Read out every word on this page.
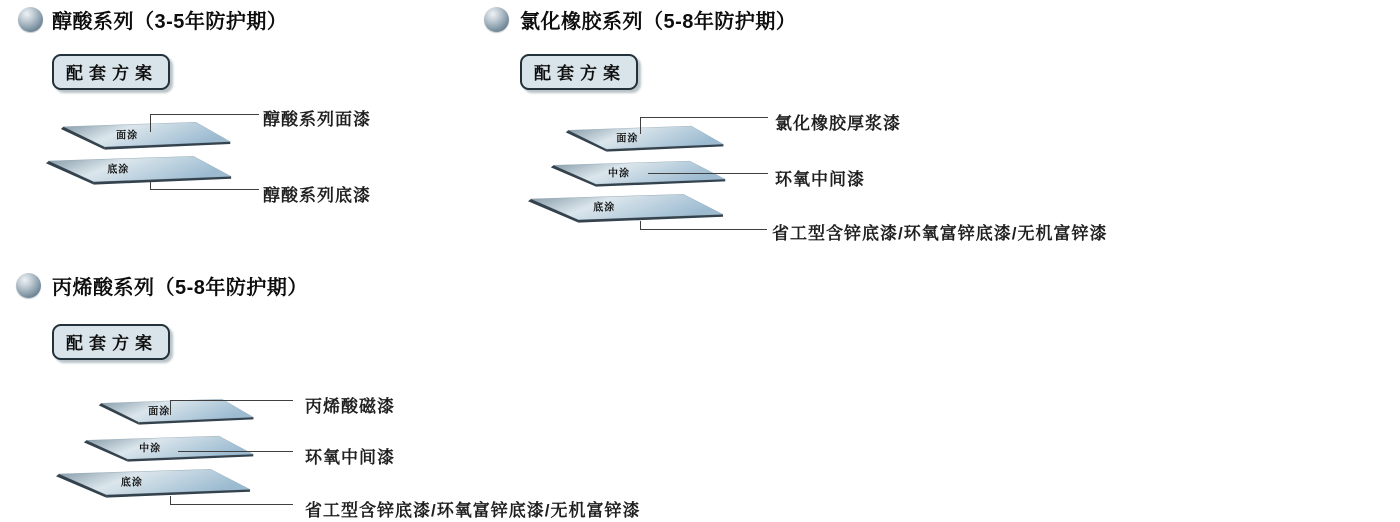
醇酸系列（3-5年防护期）
配套方案
面涂
醇酸系列面漆
底涂
醇酸系列底漆
氯化橡胶系列（5-8年防护期）
配套方案
面涂
氯化橡胶厚浆漆
中涂	环氧中间漆
底涂
省工型含锌底漆/环氧富锌底漆/无机富锌漆
丙烯酸系列（5-8年防护期）
配套方案
面涂	丙烯酸磁漆
中涂	环氧中间漆
底涂
省工型含锌底漆/环氧富锌底漆/无机富锌漆
